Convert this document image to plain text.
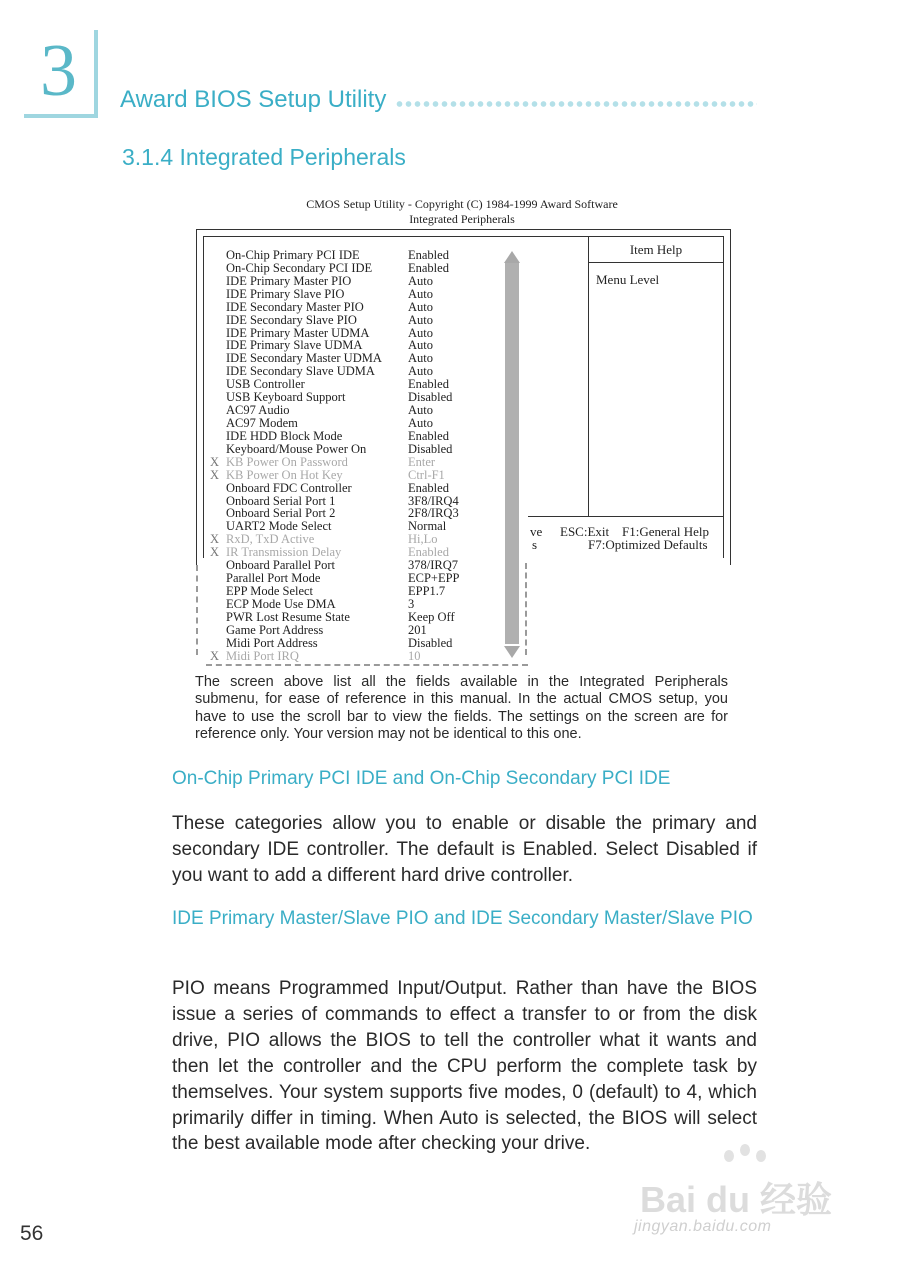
3 Award BIOS Setup Utility
3.1.4 Integrated Peripherals
CMOS Setup Utility - Copyright (C) 1984-1999 Award Software
Integrated Peripherals
Item Help
Menu Level
ve ESC:Exit F1:General Help
s	F7:Optimized Defaults
On-Chip Primary PCI IDE	Enabled
On-Chip Secondary PCI IDE	Enabled
IDE Primary Master PIO	Auto
IDE Primary Slave PIO	Auto
IDE Secondary Master PIO	Auto
IDE Secondary Slave PIO	Auto
IDE Primary Master UDMA	Auto
IDE Primary Slave UDMA	Auto
IDE Secondary Master UDMA Auto
IDE Secondary Slave UDMA	Auto
USB Controller	Enabled
USB Keyboard Support	Disabled
AC97 Audio	Auto
AC97 Modem	Auto
IDE HDD Block Mode	Enabled
Keyboard/Mouse Power On	Disabled
X KB Power On Password	Enter
X KB Power On Hot Key	Ctrl-F1
Onboard FDC Controller	Enabled
Onboard Serial Port 1	3F8/IRQ4
Onboard Serial Port 2	2F8/IRQ3
UART2 Mode Select	Normal
X RxD, TxD Active	Hi,Lo
X IR Transmission Delay	Enabled
Onboard Parallel Port	378/IRQ7
Parallel Port Mode	ECP+EPP
EPP Mode Select	EPP1.7
ECP Mode Use DMA	3
PWR Lost Resume State	Keep Off
Game Port Address	201
Midi Port Address	Disabled
X Midi Port IRQ	10
The screen above list all the fields available in the Integrated Peripherals submenu, for ease of reference in this manual. In the actual CMOS setup, you have to use the scroll bar to view the fields. The settings on the screen are for reference only. Your version may not be identical to this one.
On-Chip Primary PCI IDE and On-Chip Secondary PCI IDE
These categories allow you to enable or disable the primary and secondary IDE controller. The default is Enabled. Select Disabled if you want to add a different hard drive controller.
IDE Primary Master/Slave PIO and IDE Secondary Master/Slave PIO
PIO means Programmed Input/Output. Rather than have the BIOS issue a series of commands to effect a transfer to or from the disk drive, PIO allows the BIOS to tell the controller what it wants and then let the controller and the CPU perform the complete task by themselves. Your system supports five modes, 0 (default) to 4, which primarily differ in timing. When Auto is selected, the BIOS will select the best available mode after checking your drive.
56
Bai du 经验
jingyan.baidu.com
